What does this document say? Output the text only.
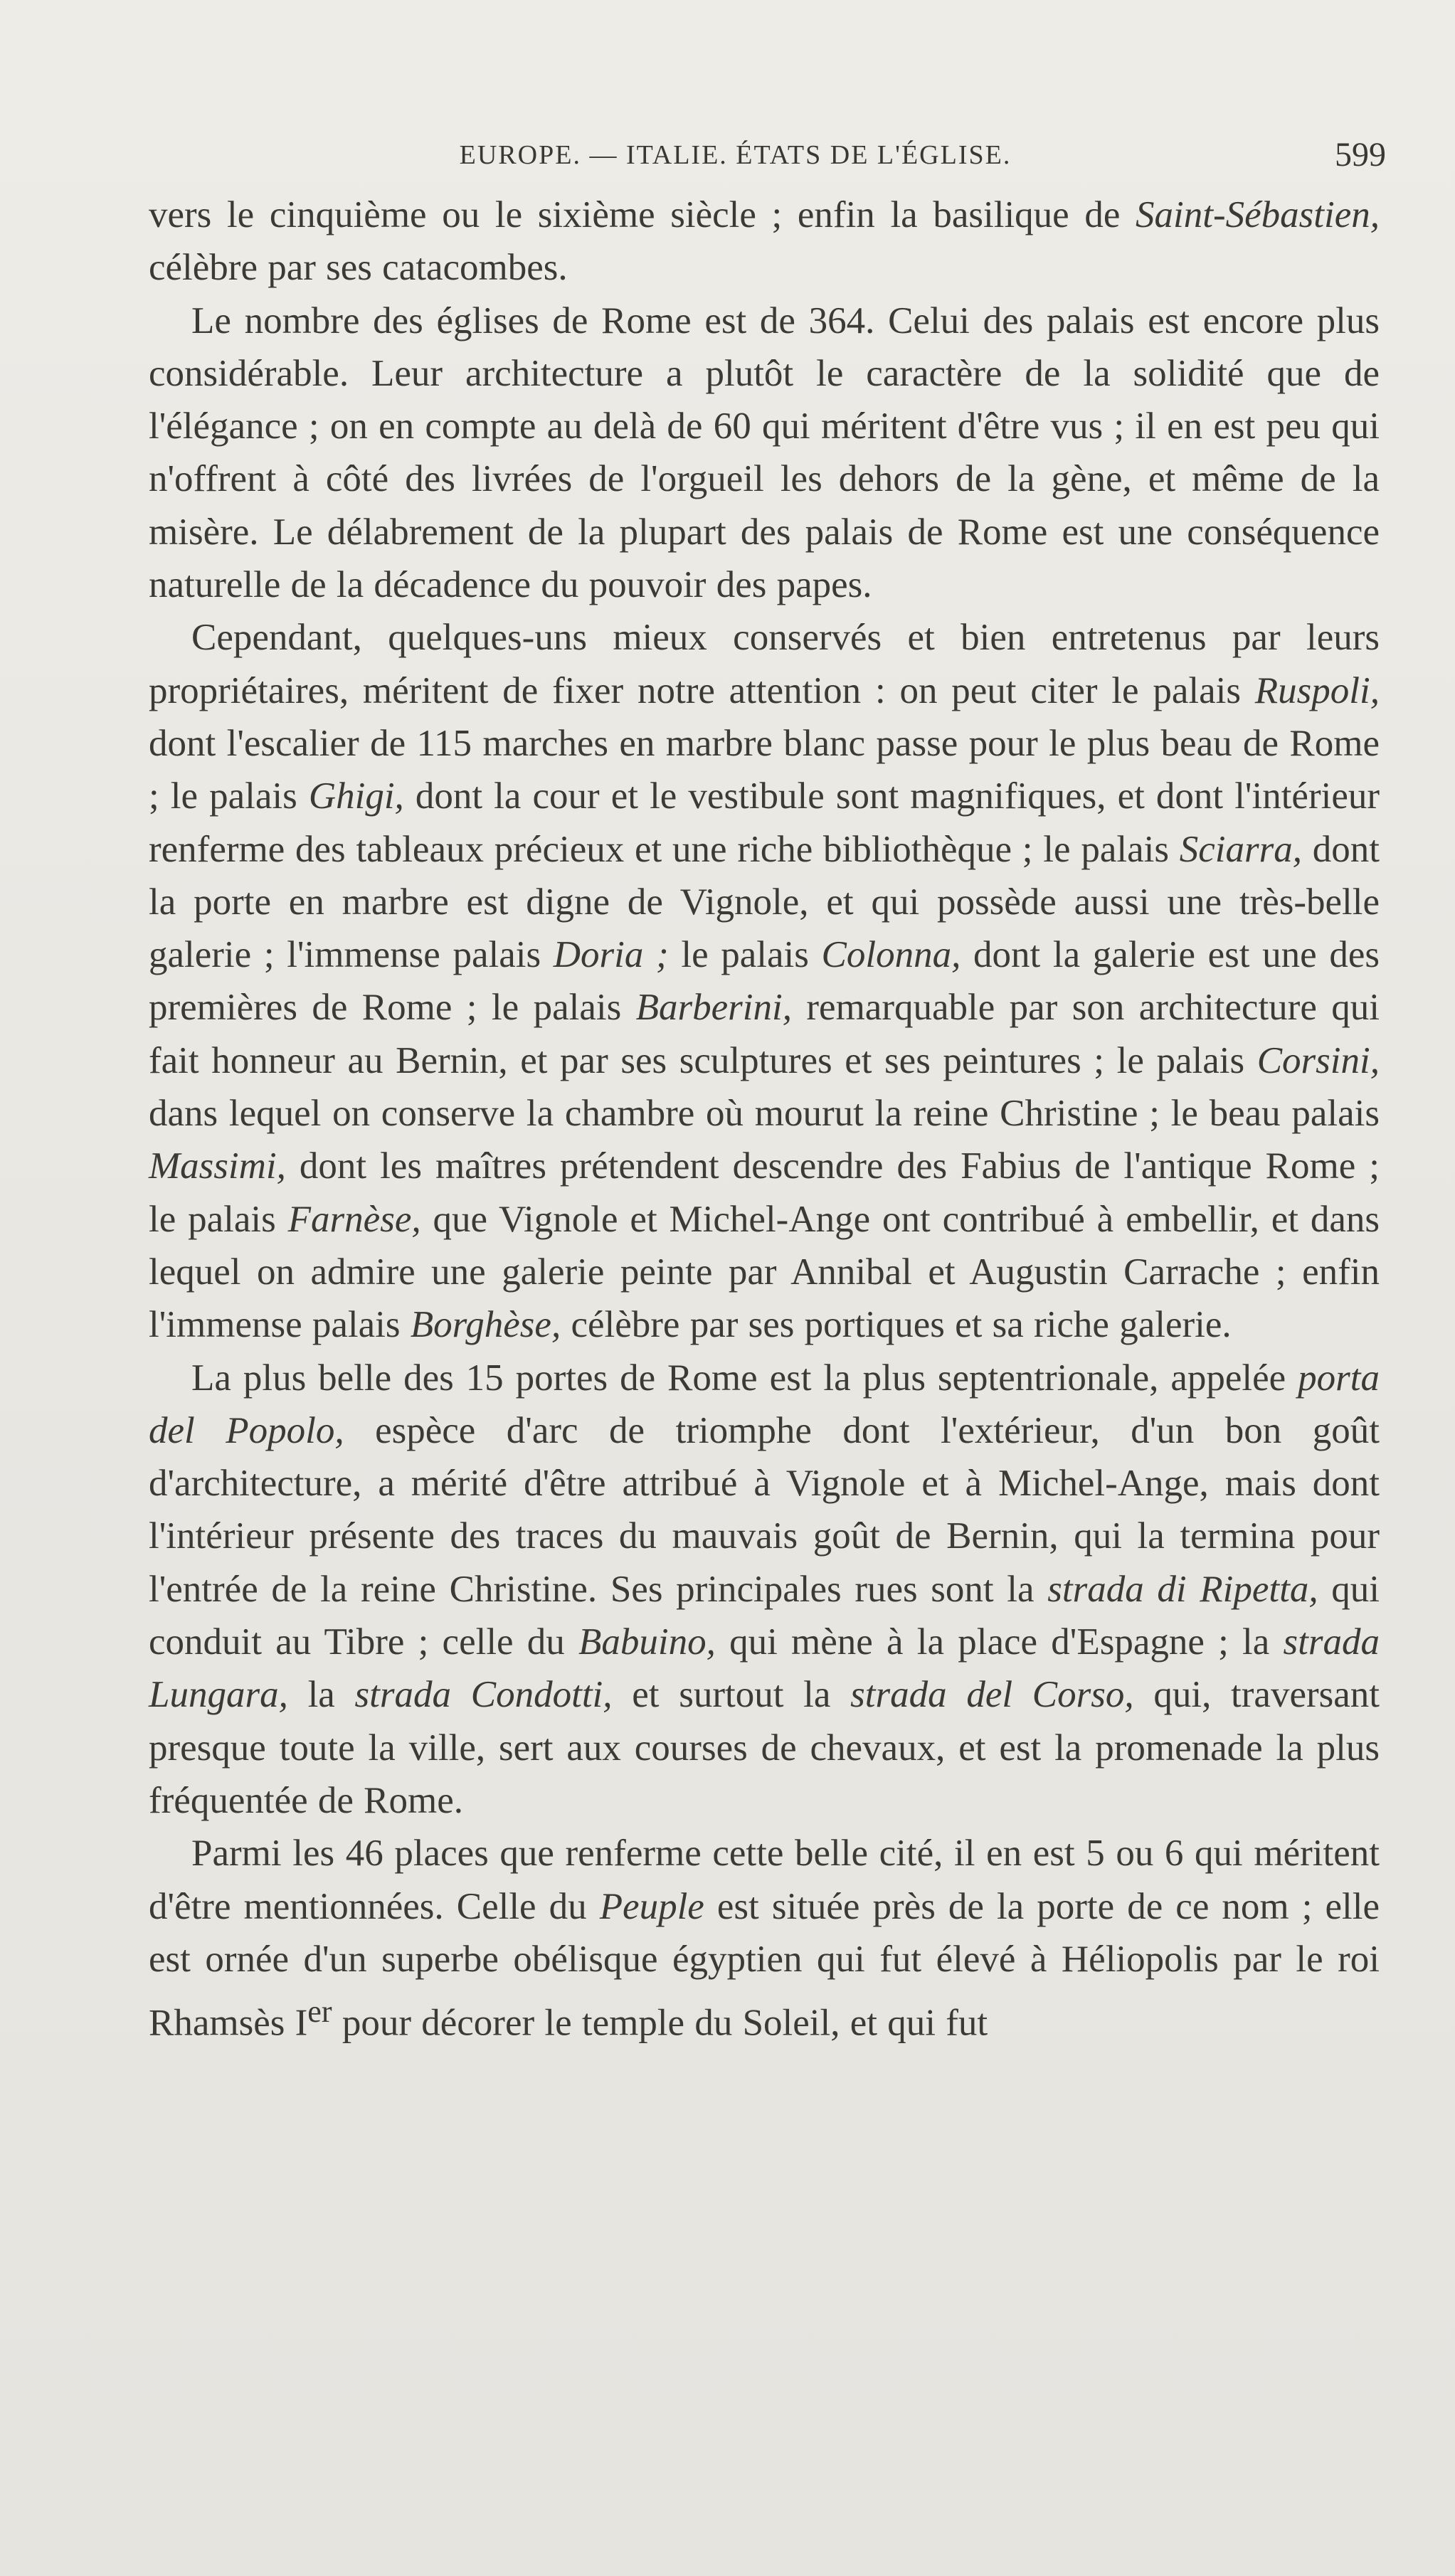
EUROPE. — ITALIE. ÉTATS DE L'ÉGLISE.	599

vers le cinquième ou le sixième siècle ; enfin la basilique de Saint-Sébastien, célèbre par ses catacombes.

Le nombre des églises de Rome est de 364. Celui des palais est encore plus considérable. Leur architecture a plutôt le caractère de la solidité que de l'élégance ; on en compte au delà de 60 qui méritent d'être vus ; il en est peu qui n'offrent à côté des livrées de l'orgueil les dehors de la gène, et même de la misère. Le délabrement de la plupart des palais de Rome est une conséquence naturelle de la décadence du pouvoir des papes.

Cependant, quelques-uns mieux conservés et bien entretenus par leurs propriétaires, méritent de fixer notre attention : on peut citer le palais Ruspoli, dont l'escalier de 115 marches en marbre blanc passe pour le plus beau de Rome ; le palais Ghigi, dont la cour et le vestibule sont magnifiques, et dont l'intérieur renferme des tableaux précieux et une riche bibliothèque ; le palais Sciarra, dont la porte en marbre est digne de Vignole, et qui possède aussi une très-belle galerie ; l'immense palais Doria ; le palais Colonna, dont la galerie est une des premières de Rome ; le palais Barberini, remarquable par son architecture qui fait honneur au Bernin, et par ses sculptures et ses peintures ; le palais Corsini, dans lequel on conserve la chambre où mourut la reine Christine ; le beau palais Massimi, dont les maîtres prétendent descendre des Fabius de l'antique Rome ; le palais Farnèse, que Vignole et Michel-Ange ont contribué à embellir, et dans lequel on admire une galerie peinte par Annibal et Augustin Carrache ; enfin l'immense palais Borghèse, célèbre par ses portiques et sa riche galerie.

La plus belle des 15 portes de Rome est la plus septentrionale, appelée porta del Popolo, espèce d'arc de triomphe dont l'extérieur, d'un bon goût d'architecture, a mérité d'être attribué à Vignole et à Michel-Ange, mais dont l'intérieur présente des traces du mauvais goût de Bernin, qui la termina pour l'entrée de la reine Christine. Ses principales rues sont la strada di Ripetta, qui conduit au Tibre ; celle du Babuino, qui mène à la place d'Espagne ; la strada Lungara, la strada Condotti, et surtout la strada del Corso, qui, traversant presque toute la ville, sert aux courses de chevaux, et est la promenade la plus fréquentée de Rome.

Parmi les 46 places que renferme cette belle cité, il en est 5 ou 6 qui méritent d'être mentionnées. Celle du Peuple est située près de la porte de ce nom ; elle est ornée d'un superbe obélisque égyptien qui fut élevé à Héliopolis par le roi Rhamsès Ier pour décorer le temple du Soleil, et qui fut
